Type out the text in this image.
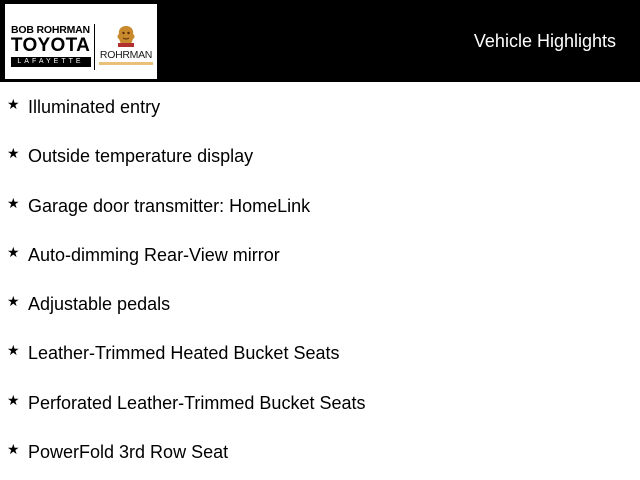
BOB ROHRMAN
TOYOTA
LAFAYETTE
ROHRMAN
Vehicle Highlights
★ Illuminated entry
★ Outside temperature display
★ Garage door transmitter: HomeLink
★ Auto-dimming Rear-View mirror
★ Adjustable pedals
★ Leather-Trimmed Heated Bucket Seats
★ Perforated Leather-Trimmed Bucket Seats
★ PowerFold 3rd Row Seat
